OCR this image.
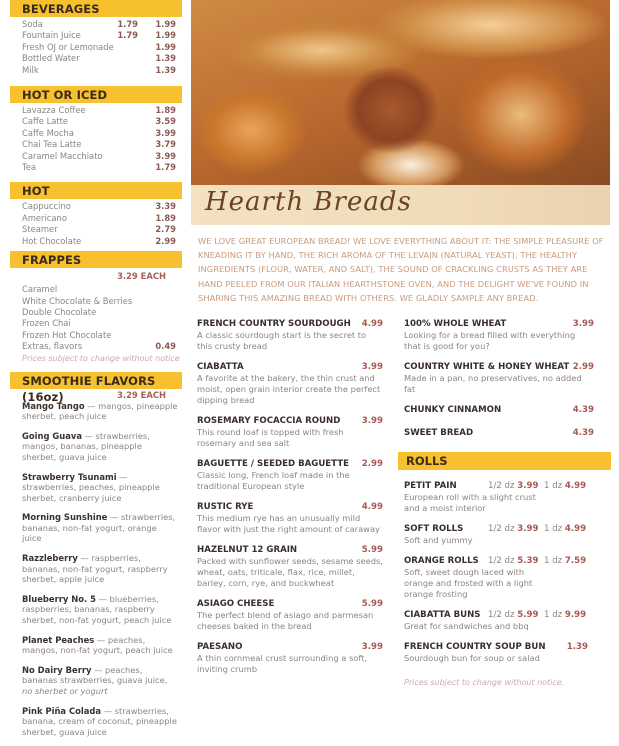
BEVERAGES
Soda	1.79	1.99
Fountain Juice	1.79	1.99
Fresh OJ or Lemonade	1.99
Bottled Water	1.39
Milk	1.39
HOT OR ICED
Lavazza Coffee	1.89
Caffe Latte	3.59
Caffe Mocha	3.99
Chai Tea Latte	3.79
Caramel Macchiato	3.99
Tea	1.79
HOT
Cappuccino	3.39
Americano	1.89
Steamer	2.79
Hot Chocolate	2.99
FRAPPES
3.29 EACH
Caramel
White Chocolate & Berries
Double Chocolate
Frozen Chai
Frozen Hot Chocolate
Extras, flavors	0.49
Prices subject to change without notice
SMOOTHIE FLAVORS (16oz)	3.29 EACH
Mango Tango — mangos, pineapple sherbet, peach juice
Going Guava — strawberries, mangos, bananas, pineapple sherbet, guava juice
Strawberry Tsunami — strawberries, peaches, pineapple sherbet, cranberry juice
Morning Sunshine — strawberries, bananas, non-fat yogurt, orange juice
Razzleberry — raspberries, bananas, non-fat yogurt, raspberry sherbet, apple juice
Blueberry No. 5 — blueberries, raspberries, bananas, raspberry sherbet, non-fat yogurt, peach juice
Planet Peaches — peaches, mangos, non-fat yogurt, peach juice
No Dairy Berry — peaches, bananas strawberries, guava juice, no sherbet or yogurt
Pink Piña Colada — strawberries, banana, cream of coconut, pineapple sherbet, guava juice
Hearth Breads
WE LOVE GREAT EUROPEAN BREAD! WE LOVE EVERYTHING ABOUT IT: THE SIMPLE PLEASURE OF KNEADING IT BY HAND, THE RICH AROMA OF THE LEVAIN (NATURAL YEAST), THE HEALTHY INGREDIENTS (FLOUR, WATER, AND SALT), THE SOUND OF CRACKLING CRUSTS AS THEY ARE HAND PEELED FROM OUR ITALIAN HEARTHSTONE OVEN, AND THE DELIGHT WE'VE FOUND IN SHARING THIS AMAZING BREAD WITH OTHERS. WE GLADLY SAMPLE ANY BREAD.
FRENCH COUNTRY SOURDOUGH	4.99
A classic sourdough start is the secret to this crusty bread
CIABATTA	3.99
A favorite at the bakery, the thin crust and moist, open grain interior create the perfect dipping bread
ROSEMARY FOCACCIA ROUND	3.99
This round loaf is topped with fresh rosemary and sea salt
BAGUETTE / SEEDED BAGUETTE	2.99
Classic long, French loaf made in the traditional European style
RUSTIC RYE	4.99
This medium rye has an unusually mild flavor with just the right amount of caraway
HAZELNUT 12 GRAIN	5.99
Packed with sunflower seeds, sesame seeds, wheat, oats, triticale, flax, rice, millet, barley, corn, rye, and buckwheat
ASIAGO CHEESE	5.99
The perfect blend of asiago and parmesan cheeses baked in the bread
PAESANO	3.99
A thin cornmeal crust surrounding a soft, inviting crumb
100% WHOLE WHEAT	3.99
Looking for a bread filled with everything that is good for you?
COUNTRY WHITE & HONEY WHEAT 2.99
Made in a pan, no preservatives, no added fat
CHUNKY CINNAMON	4.39
SWEET BREAD	4.39
ROLLS
PETIT PAIN	1/2 dz 3.99 1 dz 4.99
European roll with a slight crust and a moist interior
SOFT ROLLS	1/2 dz 3.99 1 dz 4.99
Soft and yummy
ORANGE ROLLS	1/2 dz 5.39 1 dz 7.59
Soft, sweet dough laced with orange and frosted with a light orange frosting
CIABATTA BUNS 1/2 dz 5.99 1 dz 9.99
Great for sandwiches and bbq
FRENCH COUNTRY SOUP BUN	1.39
Sourdough bun for soup or salad
Prices subject to change without notice.
